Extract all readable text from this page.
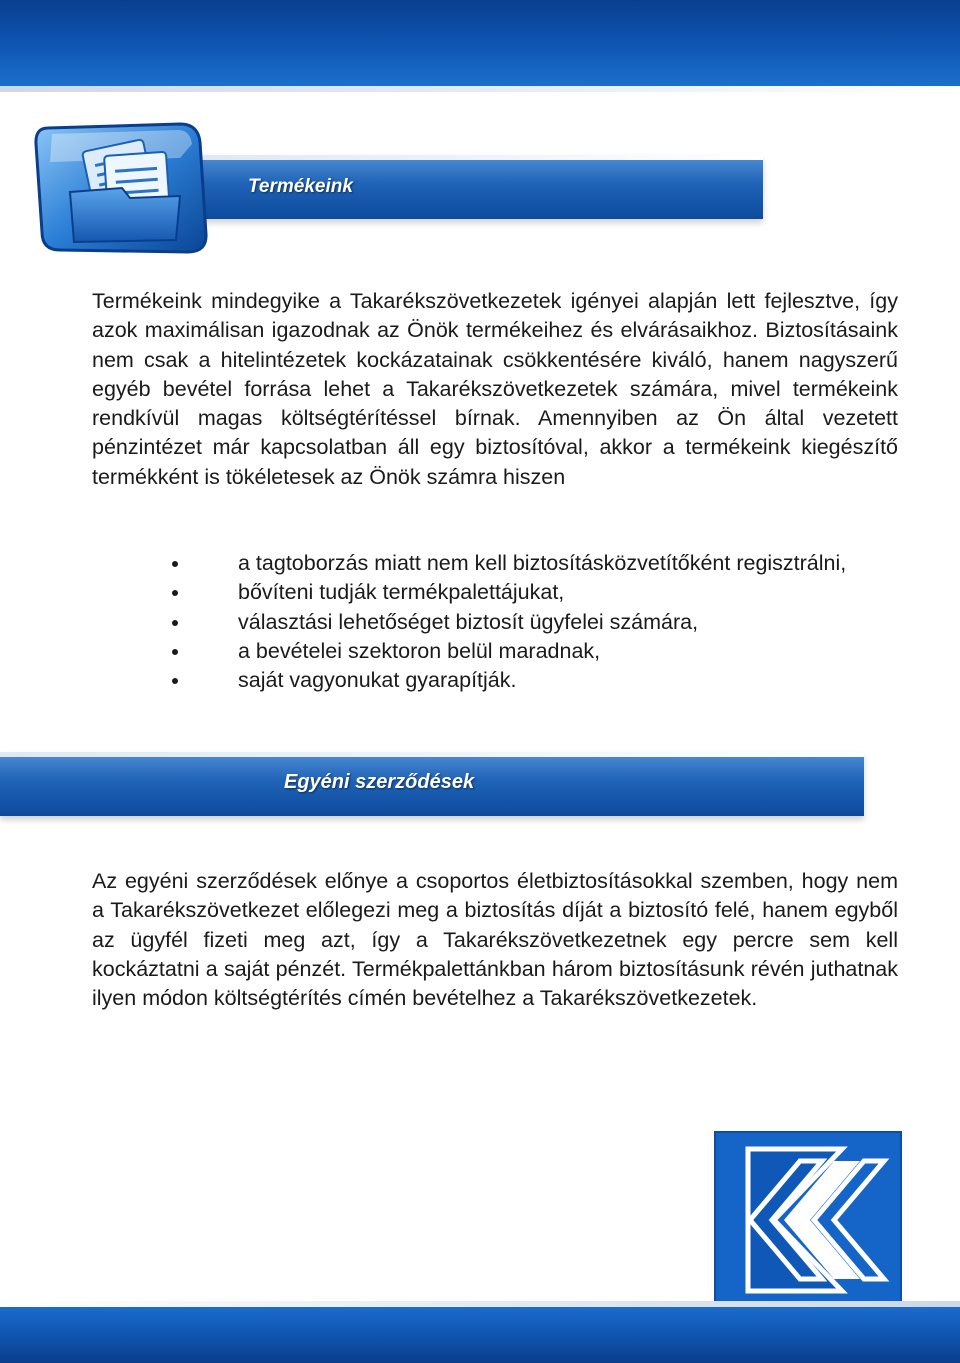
Termékeink

Termékeink mindegyike a Takarékszövetkezetek igényei alapján lett fejlesztve, így azok maximálisan igazodnak az Önök termékeihez és elvárásaikhoz. Biztosításaink nem csak a hitelintézetek kockázatainak csökkentésére kiváló, hanem nagyszerű egyéb bevétel forrása lehet a Takarékszövetkezetek számára, mivel termékeink rendkívül magas költségtérítéssel bírnak. Amennyiben az Ön által vezetett pénzintézet már kapcsolatban áll egy biztosítóval, akkor a termékeink kiegészítő termékként is tökéletesek az Önök számra hiszen

a tagtoborzás miatt nem kell biztosításközvetítőként regisztrálni,
bővíteni tudják termékpalettájukat,
választási lehetőséget biztosít ügyfelei számára,
a bevételei szektoron belül maradnak,
saját vagyonukat gyarapítják.
Egyéni szerződések

Az egyéni szerződések előnye a csoportos életbiztosításokkal szemben, hogy nem a Takarékszövetkezet előlegezi meg a biztosítás díját a biztosító felé, hanem egyből az ügyfél fizeti meg azt, így a Takarékszövetkezetnek egy percre sem kell kockáztatni a saját pénzét. Termékpalettánkban három biztosításunk révén juthatnak ilyen módon költségtérítés címén bevételhez a Takarékszövetkezetek.
